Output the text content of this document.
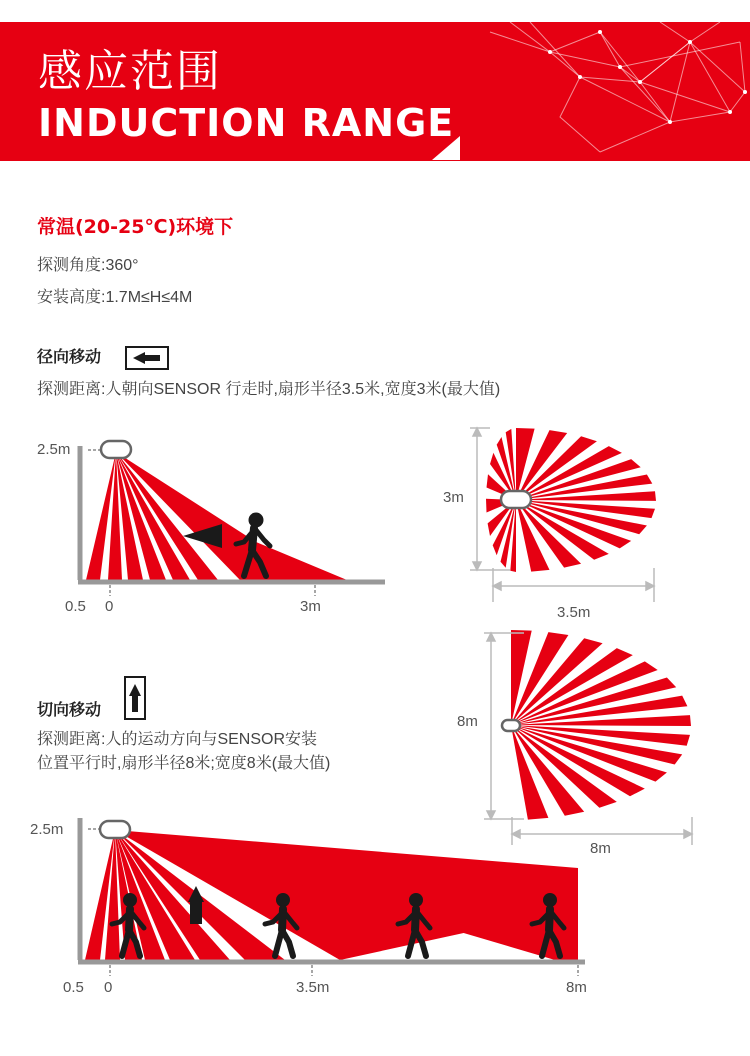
感应范围
INDUCTION RANGE
常温(20-25℃)环境下
探测角度:360°
安装高度:1.7M≤H≤4M
径向移动
探测距离:人朝向SENSOR 行走时,扇形半径3.5米,宽度3米(最大值)
2.5m
0.5 0	3m
3m
3.5m
切向移动
探测距离:人的运动方向与SENSOR安装
位置平行时,扇形半径8米;宽度8米(最大值)
8m
8m
2.5m
0.5 0	3.5m	8m
